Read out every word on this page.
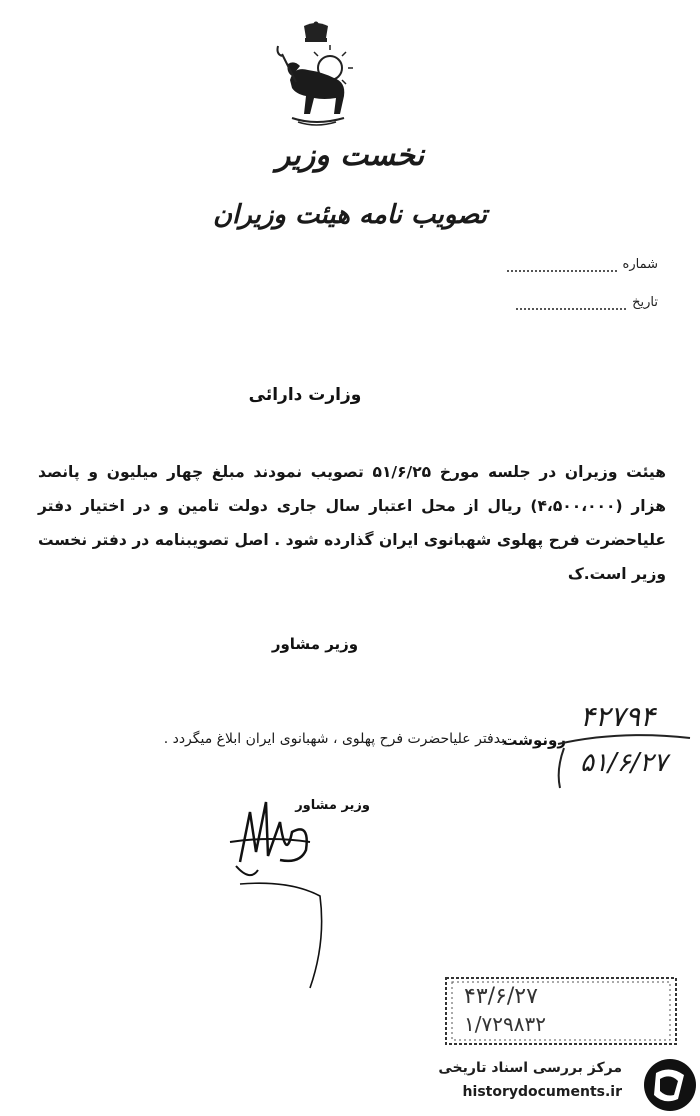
نخست وزیر
تصویب نامه هیئت وزیران
شماره
تاریخ
وزارت دارائی
هیئت وزیران در جلسه مورخ ۵۱/۶/۲۵ تصویب نمودند مبلغ چهار میلیون و پانصد هزار (۴،۵۰۰،۰۰۰) ریال از محل اعتبار سال جاری دولت تامین و در اختیار دفتر علیاحضرت فرح پهلوی شهبانوی ایران گذارده شود . اصل تصویبنامه در دفتر نخست وزیر است.ک
وزیر مشاور
رونوشت
بدفتر علیاحضرت فرح پهلوی ، شهبانوی ایران ابلاغ میگردد .
۴۲۷۹۴
۵۱/۶/۲۷
وزیر مشاور
۴۳/۶/۲۷
۱/۷۲۹۸۳۲
مرکز بررسی اسناد تاریخی
historydocuments.ir
